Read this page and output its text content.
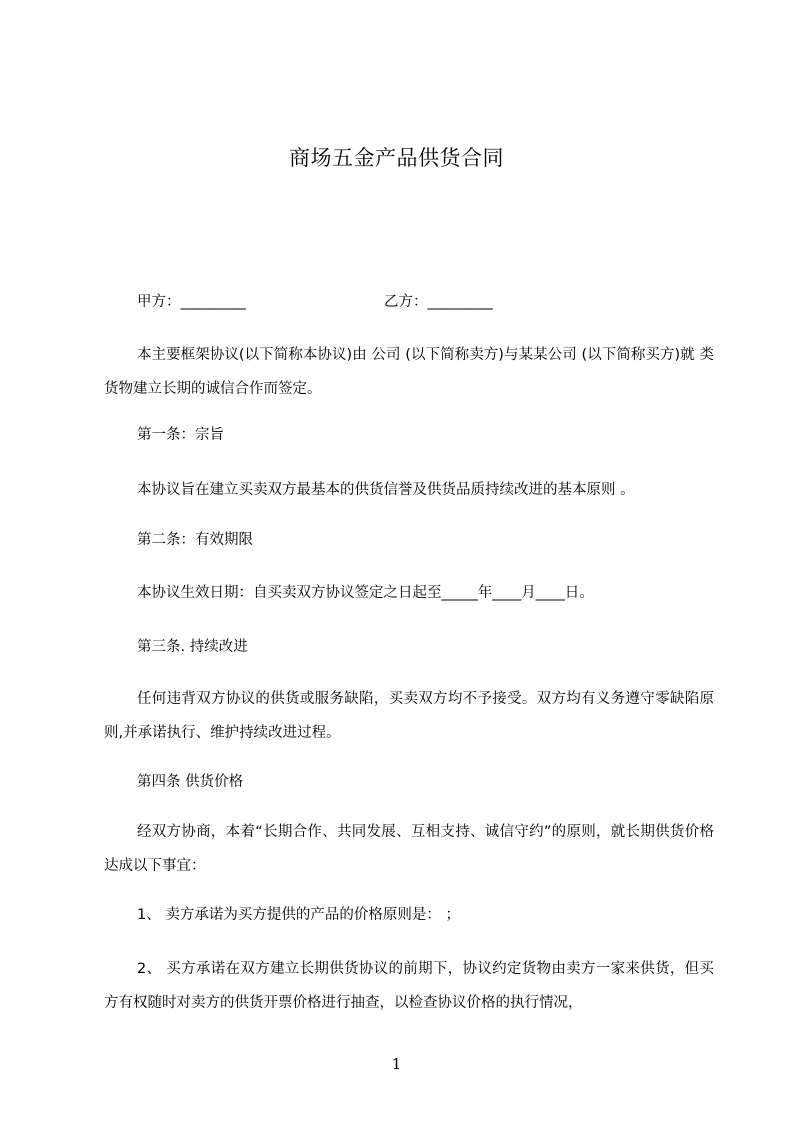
商场五金产品供货合同
甲方：_________	乙方：_________
本主要框架协议(以下简称本协议)由 公司 (以下简称卖方)与某某公司 (以下简称买方)就 类货物建立长期的诚信合作而签定。
第一条：宗旨
本协议旨在建立买卖双方最基本的供货信誉及供货品质持续改进的基本原则 。
第二条：有效期限
本协议生效日期：自买卖双方协议签定之日起至_____年____月____日。
第三条. 持续改进
任何违背双方协议的供货或服务缺陷，买卖双方均不予接受。双方均有义务遵守零缺陷原则,并承诺执行、维护持续改进过程。
第四条 供货价格
经双方协商，本着“长期合作、共同发展、互相支持、诚信守约”的原则，就长期供货价格达成以下事宜：
1、 卖方承诺为买方提供的产品的价格原则是： ；
2、 买方承诺在双方建立长期供货协议的前期下，协议约定货物由卖方一家来供货，但买方有权随时对卖方的供货开票价格进行抽查，以检查协议价格的执行情况，
1
